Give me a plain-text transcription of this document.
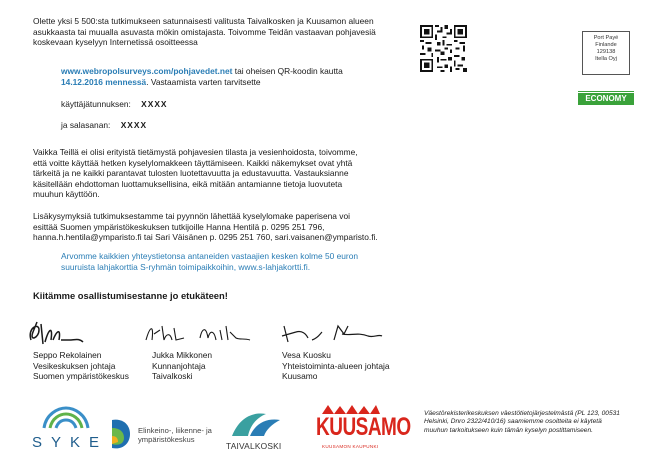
Olette yksi 5 500:sta tutkimukseen satunnaisesti valitusta Taivalkosken ja Kuusamon alueen

asukkaasta tai muualla asuvasta mökin omistajasta. Toivomme Teidän vastaavan pohjavesiä

koskevaan kyselyyn Internetissä osoitteessa

www.webropolsurveys.com/pohjavedet.net tai oheisen QR-koodin kautta

14.12.2016 mennessä. Vastaamista varten tarvitsette

käyttäjätunnuksen: XXXX
ja salasanan: XXXX

Vaikka Teillä ei olisi erityistä tietämystä pohjavesien tilasta ja vesienhoidosta, toivomme,

että voitte käyttää hetken kyselylomakkeen täyttämiseen. Kaikki näkemykset ovat yhtä

tärkeitä ja ne kaikki parantavat tulosten luotettavuutta ja edustavuutta. Vastauksianne

käsitellään ehdottoman luottamuksellisina, eikä mitään antamianne tietoja luovuteta

muuhun käyttöön.

Lisäkysymyksiä tutkimuksestamme tai pyynnön lähettää kyselylomake paperisena voi

esittää Suomen ympäristökeskuksen tutkijoille Hanna Hentilä p. 0295 251 796,

hanna.h.hentila@ymparisto.fi tai Sari Väisänen p. 0295 251 760, sari.vaisanen@ymparisto.fi.

Arvomme kaikkien yhteystietonsa antaneiden vastaajien kesken kolme 50 euron

suuruista lahjakorttia S-ryhmän toimipaikkoihin, www.s-lahjakortti.fi.

Kiitämme osallistumisestanne jo etukäteen!
Seppo Rekolainen
Vesikeskuksen johtaja
Suomen ympäristökeskus
Jukka Mikkonen
Kunnanjohtaja
Taivalkoski
Vesa Kuosku
Yhteistoiminta-alueen johtaja
Kuusamo
SYKE
Elinkeino-, liikenne- ja
ympäristökeskus
TAIVALKOSKI
KUUSAMO
KUUSAMON KAUPUNKI
Port Payé
Finlande
129138
Itella Oyj
ECONOMY
Väestörekisterikeskuksen väestötietojärjestelmästä (PL 123, 00531
Helsinki, Dnro 2322/410/16) saamiemme osoitteita ei käytetä
muuhun tarkoitukseen kuin tämän kyselyn postittamiseen.
